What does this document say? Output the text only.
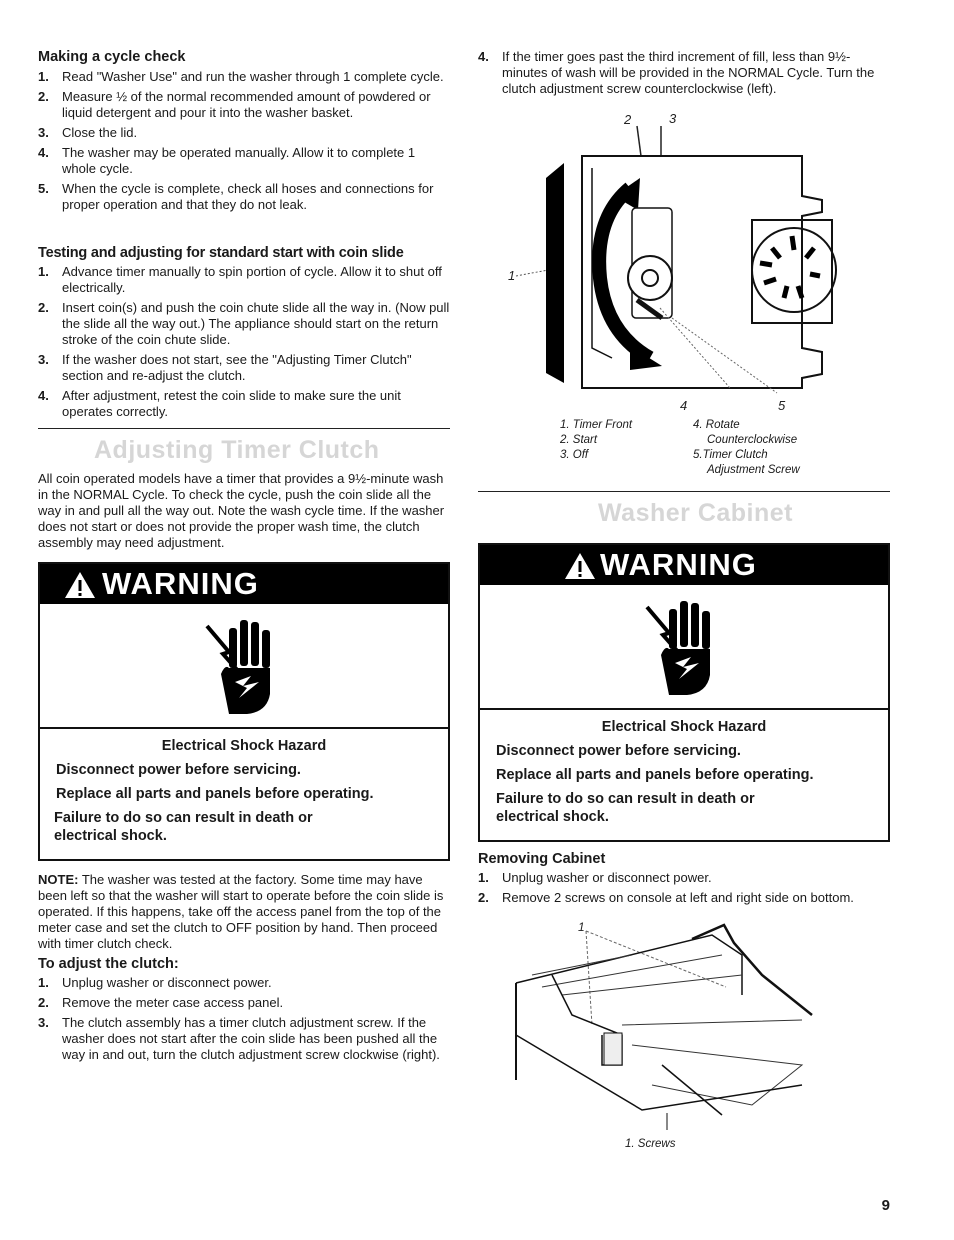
Making a cycle check
1. Read "Washer Use" and run the washer through 1 complete cycle.
2. Measure ½ of the normal recommended amount of powdered or liquid detergent and pour it into the washer basket.
3. Close the lid.
4. The washer may be operated manually. Allow it to complete 1 whole cycle.
5. When the cycle is complete, check all hoses and connections for proper operation and that they do not leak.
Testing and adjusting for standard start with coin slide
1. Advance timer manually to spin portion of cycle. Allow it to shut off electrically.
2. Insert coin(s) and push the coin chute slide all the way in. (Now pull the slide all the way out.) The appliance should start on the return stroke of the coin chute slide.
3. If the washer does not start, see the "Adjusting Timer Clutch" section and re-adjust the clutch.
4. After adjustment, retest the coin slide to make sure the unit operates correctly.
Adjusting Timer Clutch

All coin operated models have a timer that provides a 9½-minute wash in the NORMAL Cycle. To check the cycle, push the coin slide all the way in and pull all the way out. Note the wash cycle time. If the washer does not start or does not provide the proper wash time, the clutch assembly may need adjustment.

WARNING
Electrical Shock Hazard
Disconnect power before servicing.
Replace all parts and panels before operating.
Failure to do so can result in death or electrical shock.

NOTE: The washer was tested at the factory. Some time may have been left so that the washer will start to operate before the coin slide is operated. If this happens, take off the access panel from the top of the meter case and set the clutch to OFF position by hand. Then proceed with timer clutch check.

To adjust the clutch:
1. Unplug washer or disconnect power.
2. Remove the meter case access panel.
3. The clutch assembly has a timer clutch adjustment screw. If the washer does not start after the coin slide has been pushed all the way in and out, turn the clutch adjustment screw clockwise (right).
4. If the timer goes past the third increment of fill, less than 9½-minutes of wash will be provided in the NORMAL Cycle. Turn the clutch adjustment screw counterclockwise (left).
2	3
1
4	5
1. Timer Front
2. Start
3. Off
4. Rotate
Counterclockwise
5.Timer Clutch
Adjustment Screw
Washer Cabinet
WARNING
Electrical Shock Hazard
Disconnect power before servicing.
Replace all parts and panels before operating.
Failure to do so can result in death or electrical shock.
Removing Cabinet
1. Unplug washer or disconnect power.
2. Remove 2 screws on console at left and right side on bottom.
1
1. Screws
9
